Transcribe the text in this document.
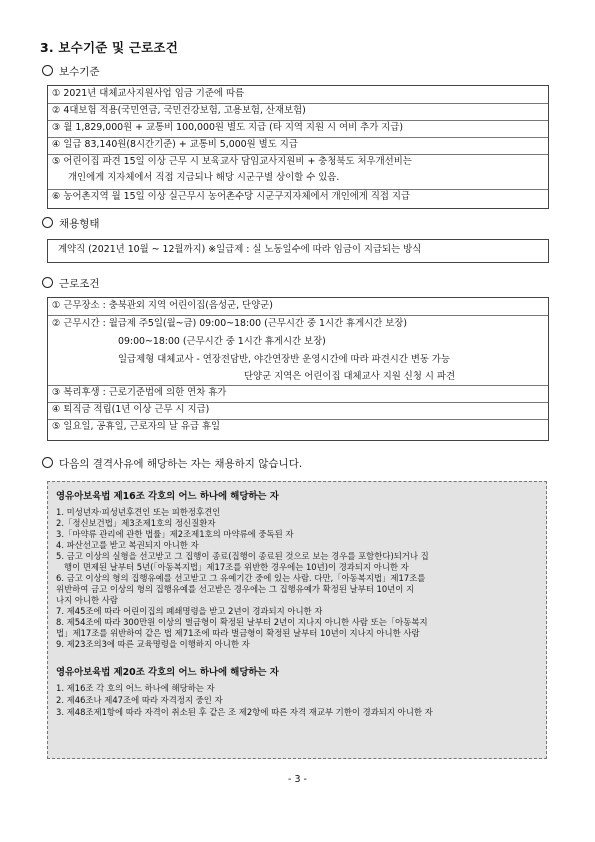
3. 보수기준 및 근로조건
보수기준
① 2021년 대체교사지원사업 임금 기준에 따름
② 4대보험 적용(국민연금, 국민건강보험, 고용보험, 산재보험)
③ 월 1,829,000원 + 교통비 100,000원 별도 지급 (타 지역 지원 시 여비 추가 지급)
④ 일급 83,140원(8시간기준) + 교통비 5,000원 별도 지급
⑤ 어린이집 파견 15일 이상 근무 시 보육교사 담임교사지원비 + 충청북도 처우개선비는
개인에게 지자체에서 직접 지급되나 해당 시군구별 상이할 수 있음.
⑥ 농어촌지역 월 15일 이상 실근무시 농어촌수당 시군구지자체에서 개인에게 직접 지급
채용형태
계약직 (2021년 10월 ~ 12월까지) ※일급제 : 실 노동일수에 따라 임금이 지급되는 방식
근로조건
① 근무장소 : 충북관외 지역 어린이집(음성군, 단양군)
② 근무시간 : 월급제 주5일(월~금) 09:00~18:00 (근무시간 중 1시간 휴게시간 보장)
09:00~18:00 (근무시간 중 1시간 휴게시간 보장)
일급제형 대체교사 - 연장전담반, 야간연장반 운영시간에 따라 파견시간 변동 가능
단양군 지역은 어린이집 대체교사 지원 신청 시 파견
③ 복리후생 : 근로기준법에 의한 연차 휴가
④ 퇴직금 적립(1년 이상 근무 시 지급)
⑤ 일요일, 공휴일, 근로자의 날 유급 휴일
다음의 결격사유에 해당하는 자는 채용하지 않습니다.
영유아보육법 제16조 각호의 어느 하나에 해당하는 자
1. 미성년자·피성년후견인 또는 피한정후견인
2.「정신보건법」제3조제1호의 정신질환자
3.「마약류 관리에 관한 법률」제2조제1호의 마약류에 중독된 자
4. 파산선고를 받고 복권되지 아니한 자
5. 금고 이상의 실형을 선고받고 그 집행이 종료(집행이 종료된 것으로 보는 경우를 포함한다)되거나 집
행이 면제된 날부터 5년(「아동복지법」제17조를 위반한 경우에는 10년)이 경과되지 아니한 자
6. 금고 이상의 형의 집행유예를 선고받고 그 유예기간 중에 있는 사람. 다만,「아동복지법」제17조를
위반하여 금고 이상의 형의 집행유예를 선고받은 경우에는 그 집행유예가 확정된 날부터 10년이 지
나지 아니한 사람
7. 제45조에 따라 어린이집의 폐쇄명령을 받고 2년이 경과되지 아니한 자
8. 제54조에 따라 300만원 이상의 벌금형이 확정된 날부터 2년이 지나지 아니한 사람 또는「아동복지
법」제17조를 위반하여 같은 법 제71조에 따라 벌금형이 확정된 날부터 10년이 지나지 아니한 사람
9. 제23조의3에 따른 교육명령을 이행하지 아니한 자
영유아보육법 제20조 각호의 어느 하나에 해당하는 자
1. 제16조 각 호의 어느 하나에 해당하는 자
2. 제46조나 제47조에 따라 자격정지 중인 자
3. 제48조제1항에 따라 자격이 취소된 후 같은 조 제2항에 따른 자격 재교부 기한이 경과되지 아니한 자
- 3 -
